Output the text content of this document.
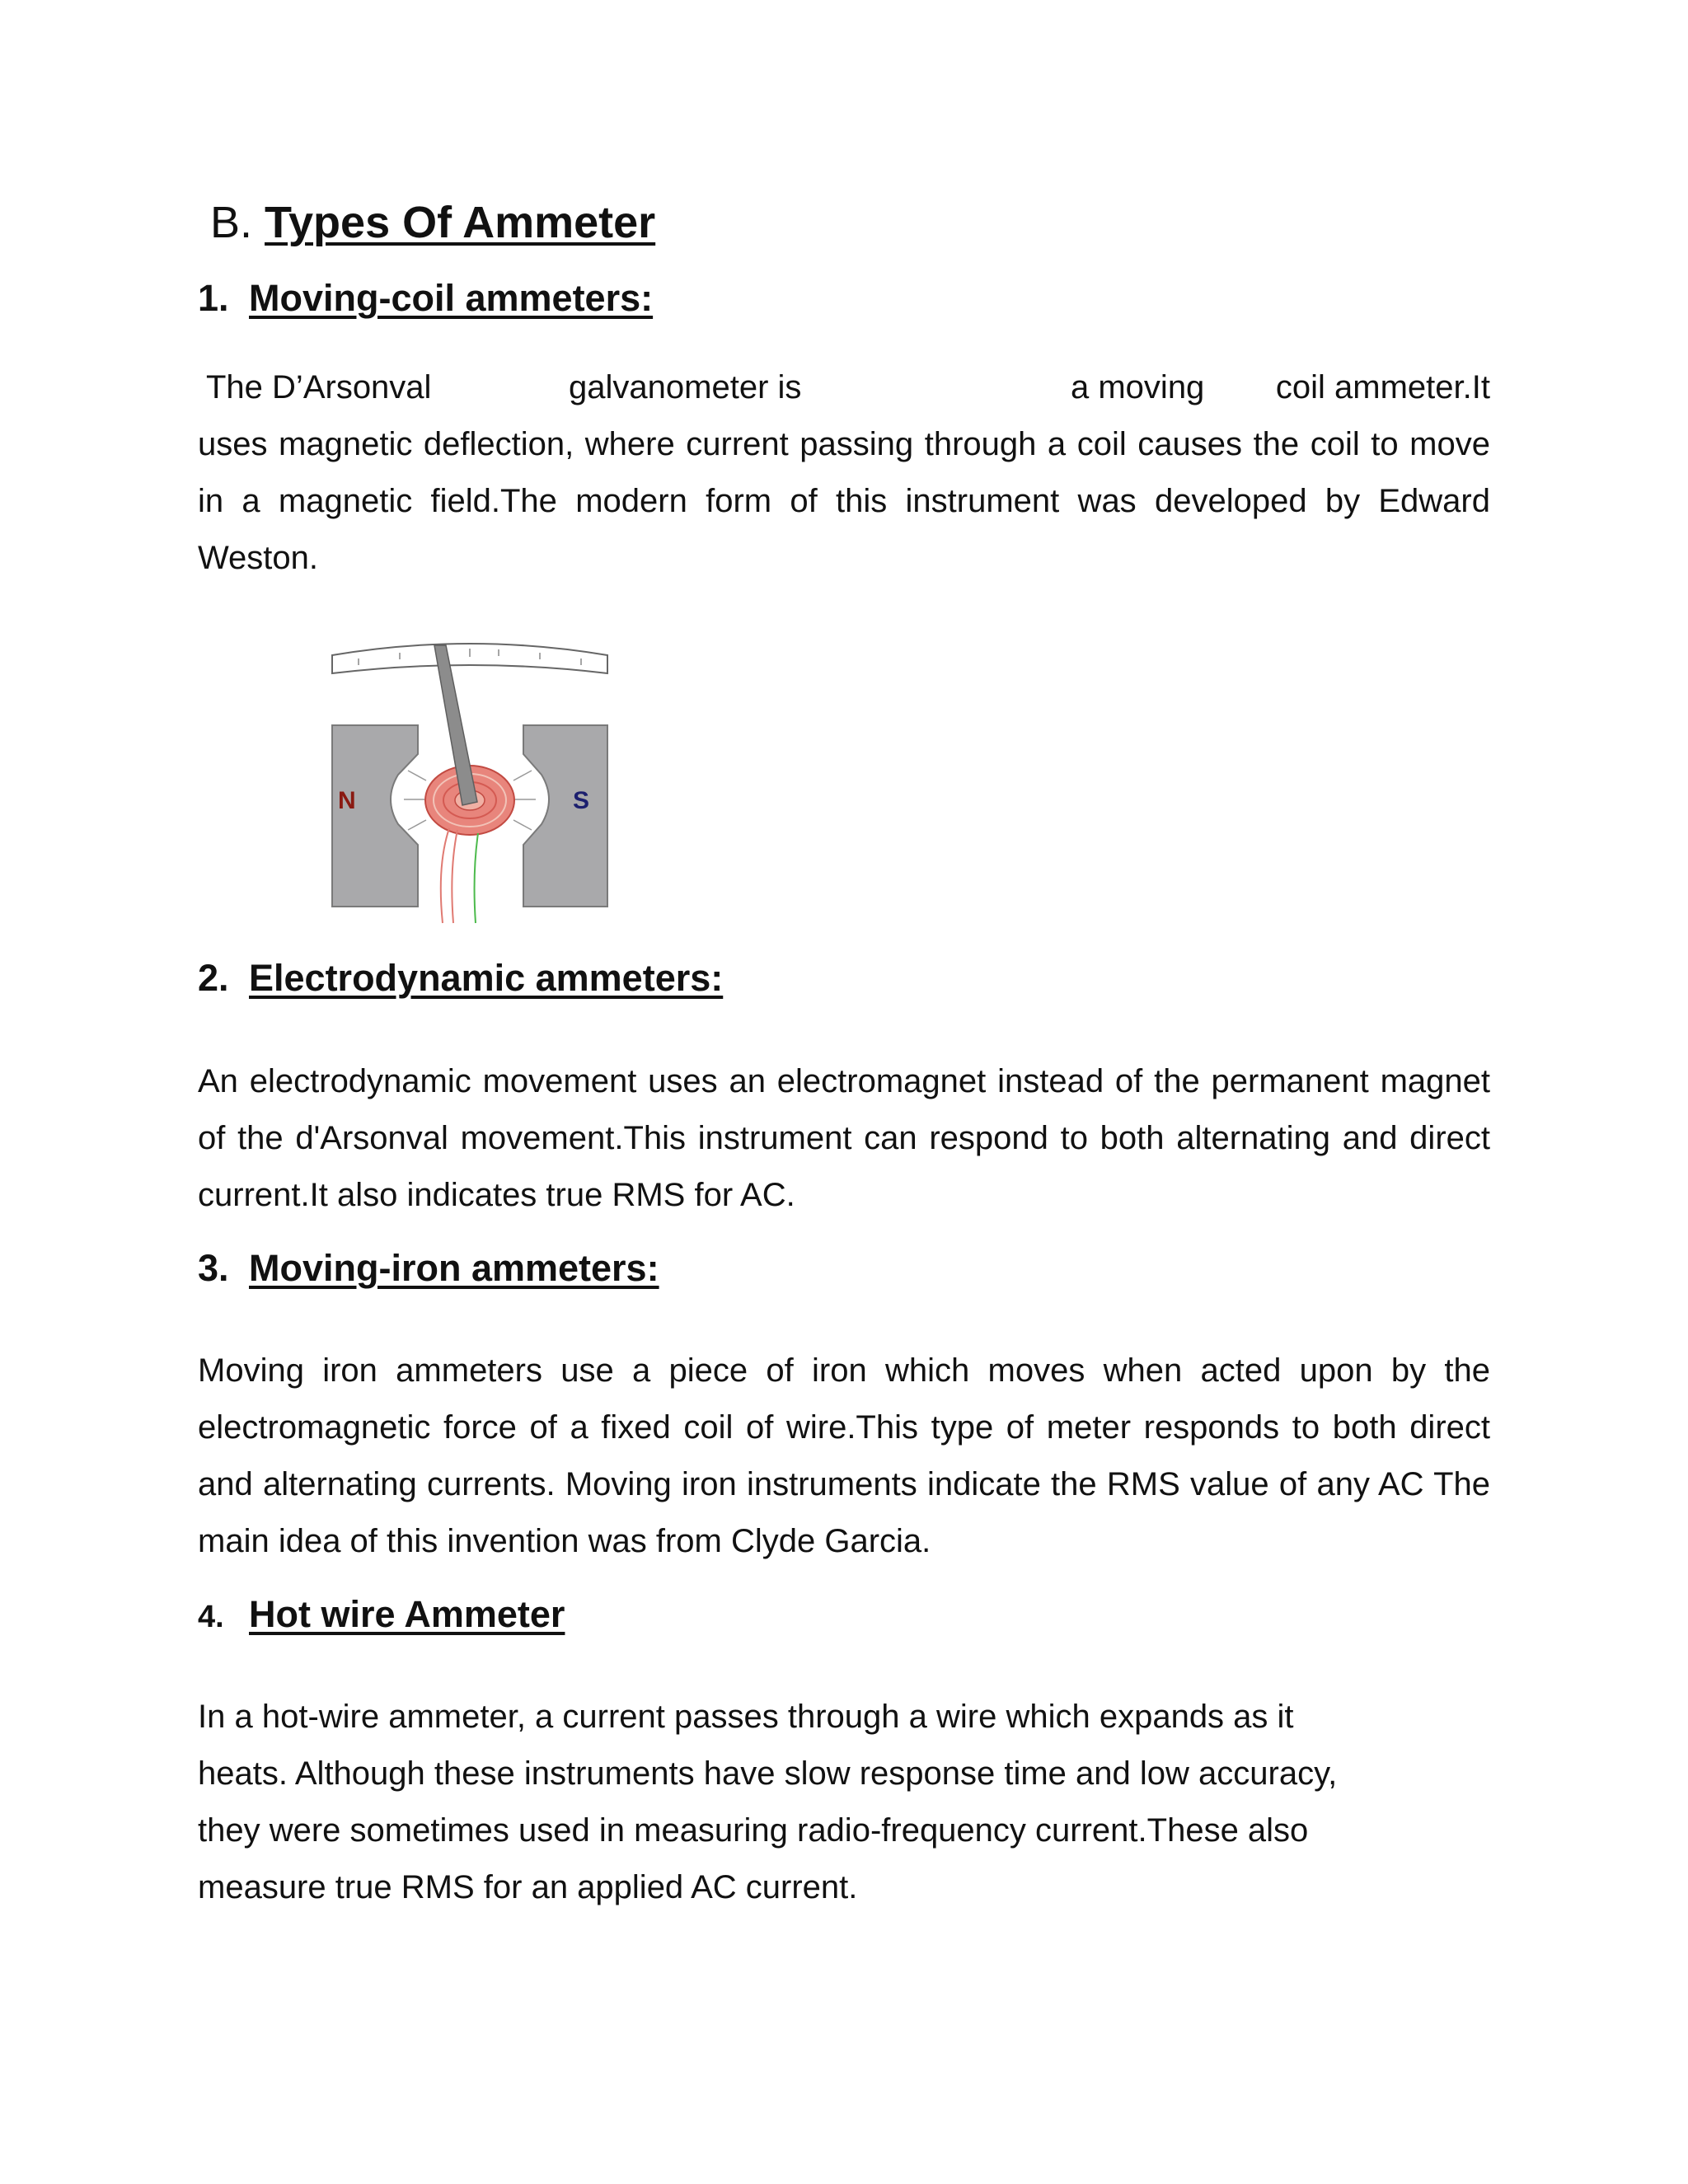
B. Types Of Ammeter
1. Moving-coil ammeters:
The D’Arsonval	galvanometer is	a moving coil ammeter.It
uses magnetic deflection, where current passing through a coil causes the coil to move in a magnetic field.The modern form of this instrument was developed by Edward Weston.
N	S
2. Electrodynamic ammeters:
An electrodynamic movement uses an electromagnet instead of the permanent magnet of the d'Arsonval movement.This instrument can respond to both alternating and direct current.It also indicates true RMS for AC.
3. Moving-iron ammeters:
Moving iron ammeters use a piece of iron which moves when acted upon by the electromagnetic force of a fixed coil of wire.This type of meter responds to both direct and alternating currents. Moving iron instruments indicate the RMS value of any AC The main idea of this invention was from Clyde Garcia.
4. Hot wire Ammeter
In a hot-wire ammeter, a current passes through a wire which expands as it
heats. Although these instruments have slow response time and low accuracy,
they were sometimes used in measuring radio-frequency current.These also
measure true RMS for an applied AC current.
